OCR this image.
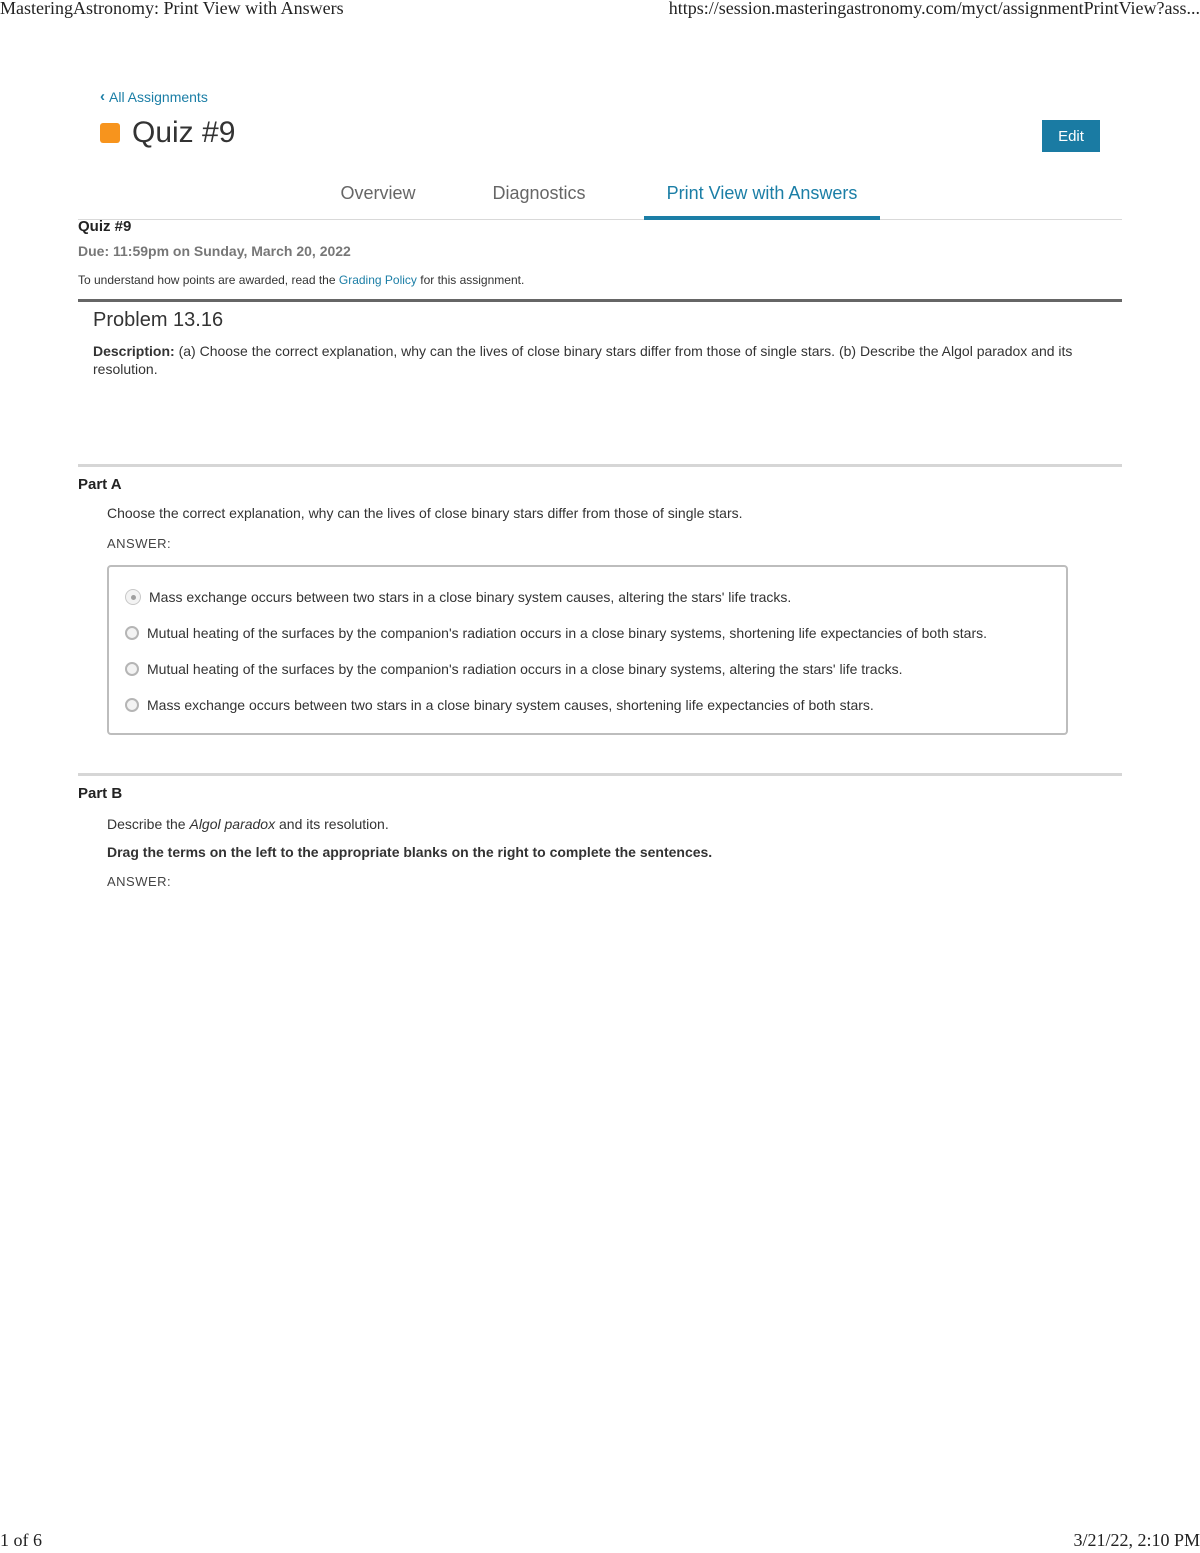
MasteringAstronomy: Print View with Answers	https://session.masteringastronomy.com/myct/assignmentPrintView?ass...
‹ All Assignments
Quiz #9	Edit
Overview	Diagnostics	Print View with Answers
Quiz #9
Due: 11:59pm on Sunday, March 20, 2022
To understand how points are awarded, read the Grading Policy for this assignment.
Problem 13.16
Description: (a) Choose the correct explanation, why can the lives of close binary stars differ from those of single stars. (b) Describe the Algol paradox and its resolution.
Part A
Choose the correct explanation, why can the lives of close binary stars differ from those of single stars.
ANSWER:
Mass exchange occurs between two stars in a close binary system causes, altering the stars' life tracks.
Mutual heating of the surfaces by the companion's radiation occurs in a close binary systems, shortening life expectancies of both stars.
Mutual heating of the surfaces by the companion's radiation occurs in a close binary systems, altering the stars' life tracks.
Mass exchange occurs between two stars in a close binary system causes, shortening life expectancies of both stars.
Part B
Describe the Algol paradox and its resolution.
Drag the terms on the left to the appropriate blanks on the right to complete the sentences.
ANSWER:
1 of 6	3/21/22, 2:10 PM
